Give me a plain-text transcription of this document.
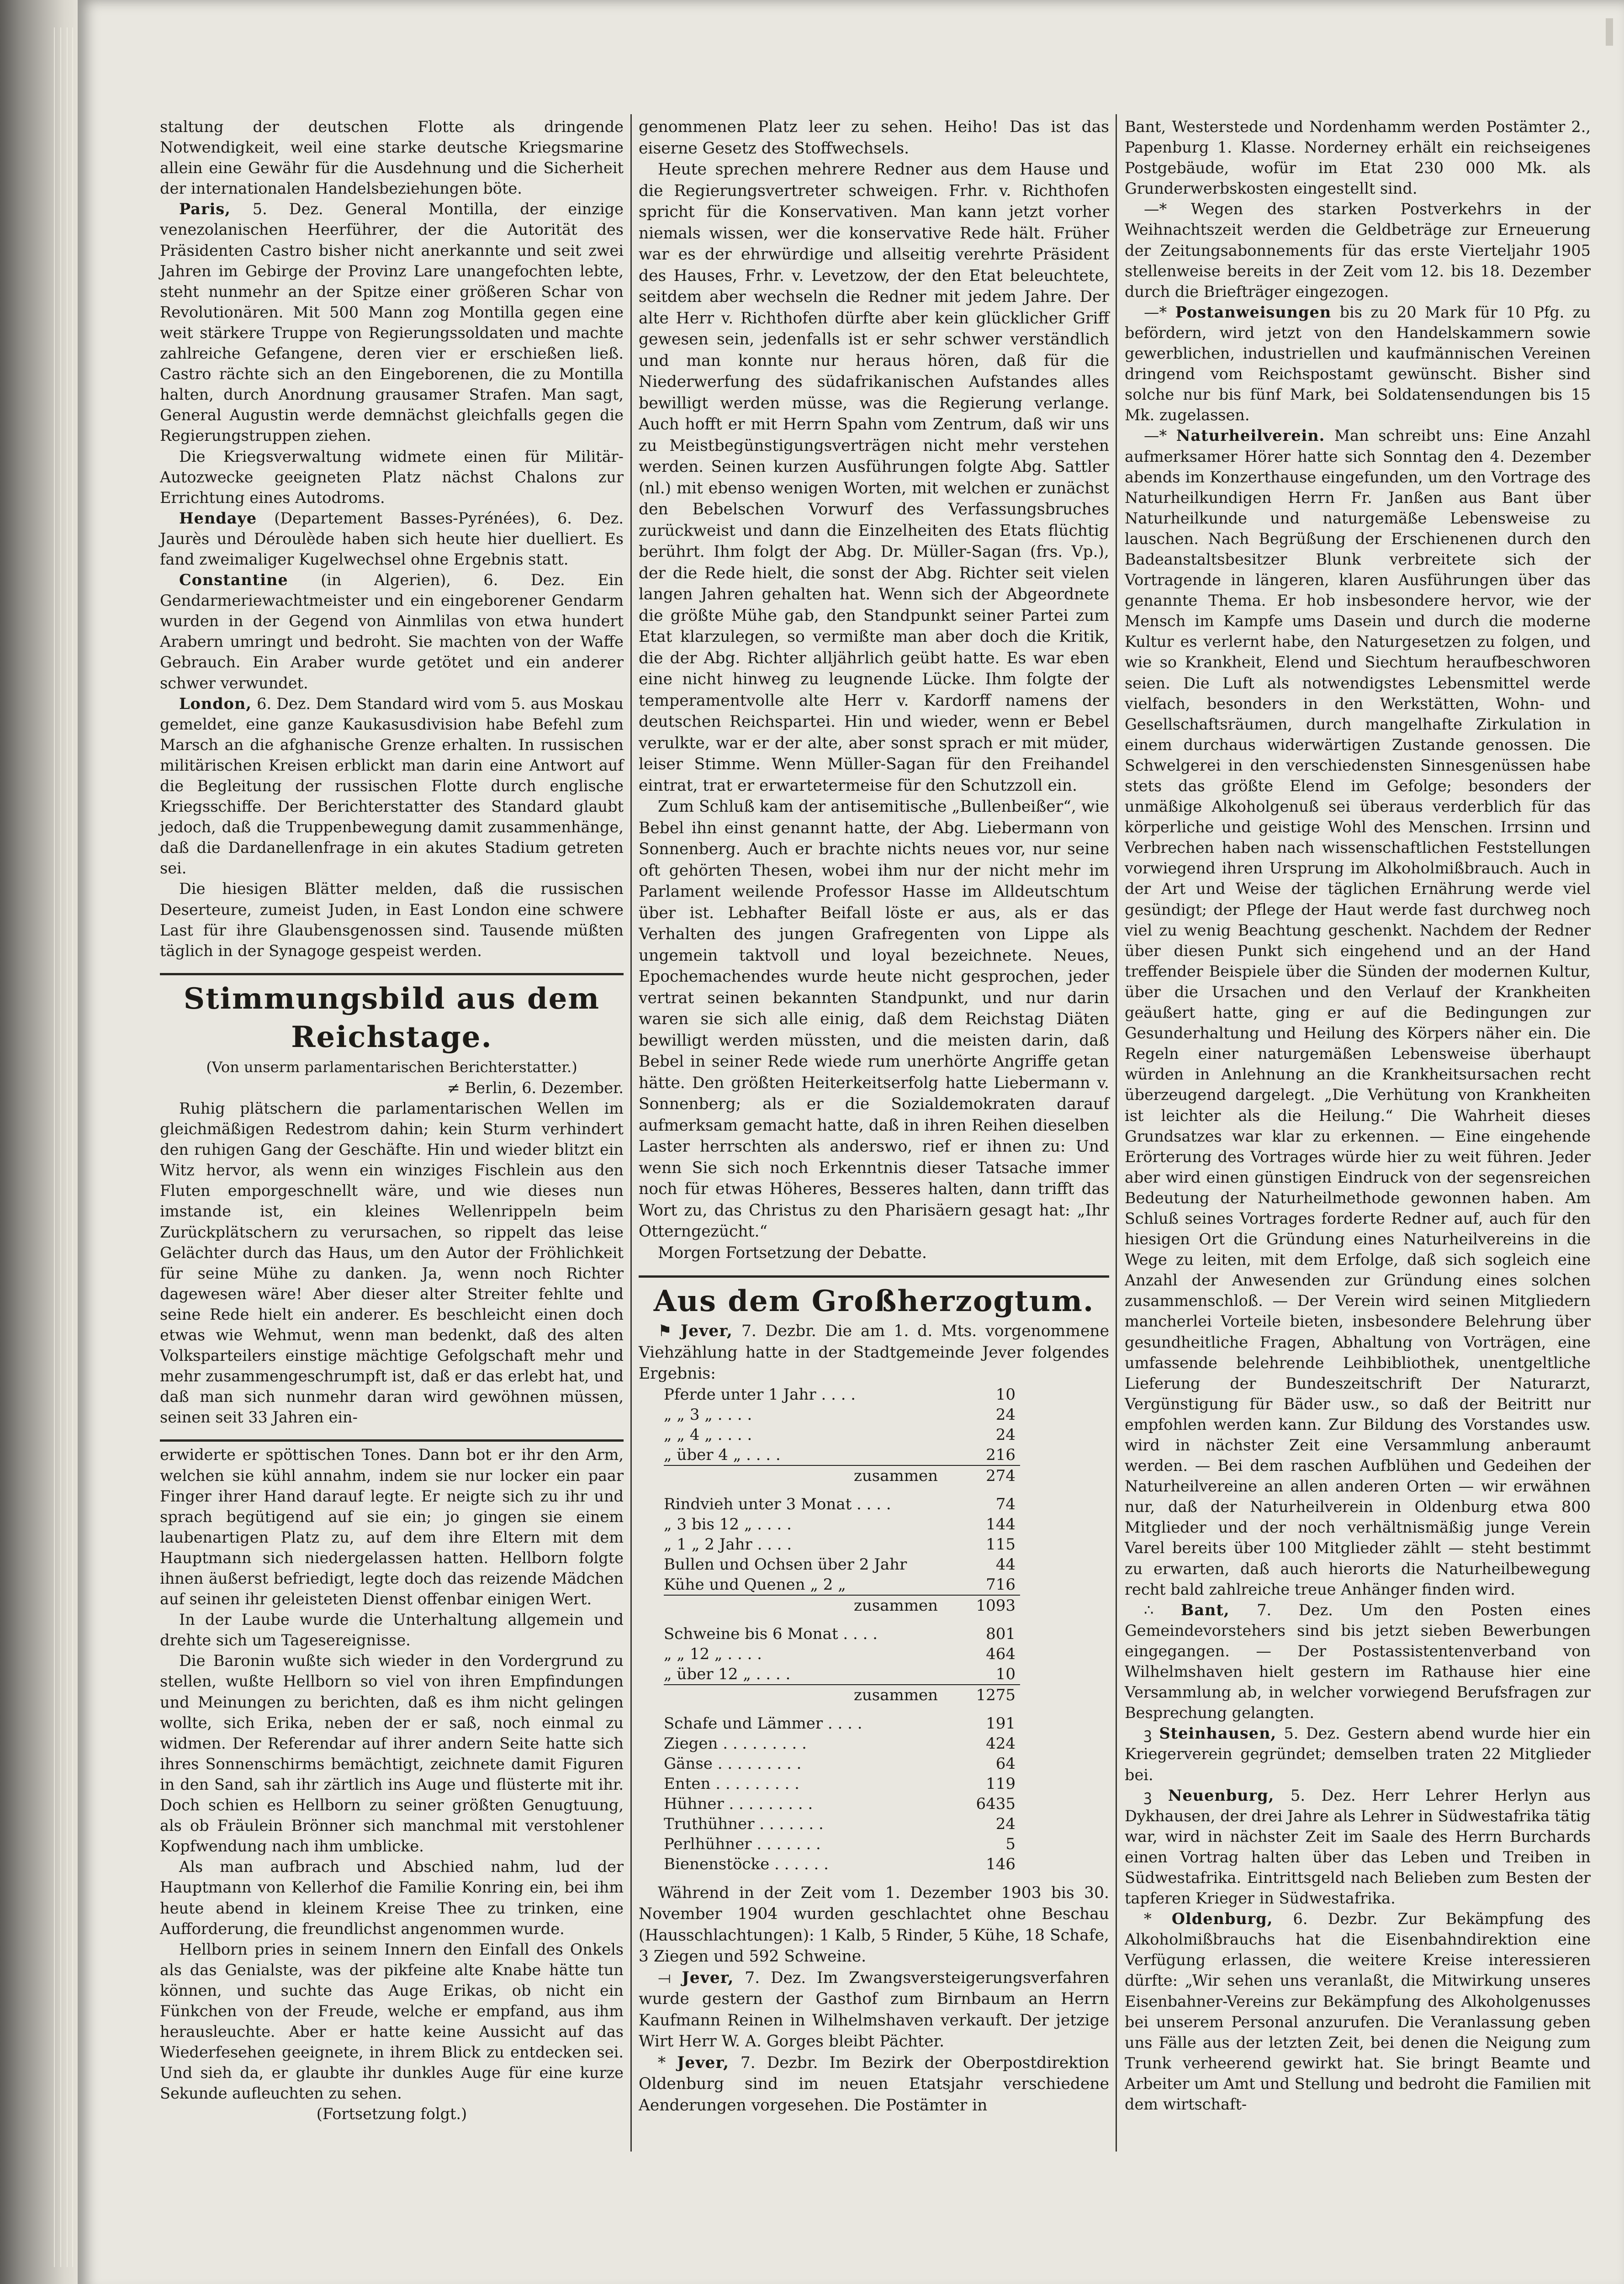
staltung der deutschen Flotte als dringende Notwendigkeit, weil eine starke deutsche Kriegsmarine allein eine Gewähr für die Ausdehnung und die Sicherheit der internationalen Handelsbeziehungen böte.

Paris, 5. Dez. General Montilla, der einzige venezolanischen Heerführer, der die Autorität des Präsidenten Castro bisher nicht anerkannte und seit zwei Jahren im Gebirge der Provinz Lare unangefochten lebte, steht nunmehr an der Spitze einer größeren Schar von Revolutionären. Mit 500 Mann zog Montilla gegen eine weit stärkere Truppe von Regierungssoldaten und machte zahlreiche Gefangene, deren vier er erschießen ließ. Castro rächte sich an den Eingeborenen, die zu Montilla halten, durch Anordnung grausamer Strafen. Man sagt, General Augustin werde demnächst gleichfalls gegen die Regierungstruppen ziehen.

Die Kriegsverwaltung widmete einen für Militär-Autozwecke geeigneten Platz nächst Chalons zur Errichtung eines Autodroms.

Hendaye (Departement Basses-Pyrénées), 6. Dez. Jaurès und Déroulède haben sich heute hier duelliert. Es fand zweimaliger Kugelwechsel ohne Ergebnis statt.

Constantine (in Algerien), 6. Dez. Ein Gendarmeriewachtmeister und ein eingeborener Gendarm wurden in der Gegend von Ainmlilas von etwa hundert Arabern umringt und bedroht. Sie machten von der Waffe Gebrauch. Ein Araber wurde getötet und ein anderer schwer verwundet.

London, 6. Dez. Dem Standard wird vom 5. aus Moskau gemeldet, eine ganze Kaukasusdivision habe Befehl zum Marsch an die afghanische Grenze erhalten. In russischen militärischen Kreisen erblickt man darin eine Antwort auf die Begleitung der russischen Flotte durch englische Kriegsschiffe. Der Berichterstatter des Standard glaubt jedoch, daß die Truppenbewegung damit zusammenhänge, daß die Dardanellenfrage in ein akutes Stadium getreten sei.

Die hiesigen Blätter melden, daß die russischen Deserteure, zumeist Juden, in East London eine schwere Last für ihre Glaubensgenossen sind. Tausende müßten täglich in der Synagoge gespeist werden.

Stimmungsbild aus dem Reichstage.

(Von unserm parlamentarischen Berichterstatter.)

≠ Berlin, 6. Dezember.

Ruhig plätschern die parlamentarischen Wellen im gleichmäßigen Redestrom dahin; kein Sturm verhindert den ruhigen Gang der Geschäfte. Hin und wieder blitzt ein Witz hervor, als wenn ein winziges Fischlein aus den Fluten emporgeschnellt wäre, und wie dieses nun imstande ist, ein kleines Wellenrippeln beim Zurückplätschern zu verursachen, so rippelt das leise Gelächter durch das Haus, um den Autor der Fröhlichkeit für seine Mühe zu danken. Ja, wenn noch Richter dagewesen wäre! Aber dieser alter Streiter fehlte und seine Rede hielt ein anderer. Es beschleicht einen doch etwas wie Wehmut, wenn man bedenkt, daß des alten Volksparteilers einstige mächtige Gefolgschaft mehr und mehr zusammengeschrumpft ist, daß er das erlebt hat, und daß man sich nunmehr daran wird gewöhnen müssen, seinen seit 33 Jahren ein-

erwiderte er spöttischen Tones. Dann bot er ihr den Arm, welchen sie kühl annahm, indem sie nur locker ein paar Finger ihrer Hand darauf legte. Er neigte sich zu ihr und sprach begütigend auf sie ein; jo gingen sie einem laubenartigen Platz zu, auf dem ihre Eltern mit dem Hauptmann sich niedergelassen hatten. Hellborn folgte ihnen äußerst befriedigt, legte doch das reizende Mädchen auf seinen ihr geleisteten Dienst offenbar einigen Wert.

In der Laube wurde die Unterhaltung allgemein und drehte sich um Tagesereignisse.

Die Baronin wußte sich wieder in den Vordergrund zu stellen, wußte Hellborn so viel von ihren Empfindungen und Meinungen zu berichten, daß es ihm nicht gelingen wollte, sich Erika, neben der er saß, noch einmal zu widmen. Der Referendar auf ihrer andern Seite hatte sich ihres Sonnenschirms bemächtigt, zeichnete damit Figuren in den Sand, sah ihr zärtlich ins Auge und flüsterte mit ihr. Doch schien es Hellborn zu seiner größten Genugtuung, als ob Fräulein Brönner sich manchmal mit verstohlener Kopfwendung nach ihm umblicke.

Als man aufbrach und Abschied nahm, lud der Hauptmann von Kellerhof die Familie Konring ein, bei ihm heute abend in kleinem Kreise Thee zu trinken, eine Aufforderung, die freundlichst angenommen wurde.

Hellborn pries in seinem Innern den Einfall des Onkels als das Genialste, was der pikfeine alte Knabe hätte tun können, und suchte das Auge Erikas, ob nicht ein Fünkchen von der Freude, welche er empfand, aus ihm herausleuchte. Aber er hatte keine Aussicht auf das Wiederfesehen geeignete, in ihrem Blick zu entdecken sei. Und sieh da, er glaubte ihr dunkles Auge für eine kurze Sekunde aufleuchten zu sehen.

(Fortsetzung folgt.)

genommenen Platz leer zu sehen. Heiho! Das ist das eiserne Gesetz des Stoffwechsels.

Heute sprechen mehrere Redner aus dem Hause und die Regierungsvertreter schweigen. Frhr. v. Richthofen spricht für die Konservativen. Man kann jetzt vorher niemals wissen, wer die konservative Rede hält. Früher war es der ehrwürdige und allseitig verehrte Präsident des Hauses, Frhr. v. Levetzow, der den Etat beleuchtete, seitdem aber wechseln die Redner mit jedem Jahre. Der alte Herr v. Richthofen dürfte aber kein glücklicher Griff gewesen sein, jedenfalls ist er sehr schwer verständlich und man konnte nur heraus hören, daß für die Niederwerfung des südafrikanischen Aufstandes alles bewilligt werden müsse, was die Regierung verlange. Auch hofft er mit Herrn Spahn vom Zentrum, daß wir uns zu Meistbegünstigungsverträgen nicht mehr verstehen werden. Seinen kurzen Ausführungen folgte Abg. Sattler (nl.) mit ebenso wenigen Worten, mit welchen er zunächst den Bebelschen Vorwurf des Verfassungsbruches zurückweist und dann die Einzelheiten des Etats flüchtig berührt. Ihm folgt der Abg. Dr. Müller-Sagan (frs. Vp.), der die Rede hielt, die sonst der Abg. Richter seit vielen langen Jahren gehalten hat. Wenn sich der Abgeordnete die größte Mühe gab, den Standpunkt seiner Partei zum Etat klarzulegen, so vermißte man aber doch die Kritik, die der Abg. Richter alljährlich geübt hatte. Es war eben eine nicht hinweg zu leugnende Lücke. Ihm folgte der temperamentvolle alte Herr v. Kardorff namens der deutschen Reichspartei. Hin und wieder, wenn er Bebel verulkte, war er der alte, aber sonst sprach er mit müder, leiser Stimme. Wenn Müller-Sagan für den Freihandel eintrat, trat er erwartetermeise für den Schutzzoll ein.

Zum Schluß kam der antisemitische „Bullenbeißer“, wie Bebel ihn einst genannt hatte, der Abg. Liebermann von Sonnenberg. Auch er brachte nichts neues vor, nur seine oft gehörten Thesen, wobei ihm nur der nicht mehr im Parlament weilende Professor Hasse im Alldeutschtum über ist. Lebhafter Beifall löste er aus, als er das Verhalten des jungen Grafregenten von Lippe als ungemein taktvoll und loyal bezeichnete. Neues, Epochemachendes wurde heute nicht gesprochen, jeder vertrat seinen bekannten Standpunkt, und nur darin waren sie sich alle einig, daß dem Reichstag Diäten bewilligt werden müssten, und die meisten darin, daß Bebel in seiner Rede wiede rum unerhörte Angriffe getan hätte. Den größten Heiterkeitserfolg hatte Liebermann v. Sonnenberg; als er die Sozialdemokraten darauf aufmerksam gemacht hatte, daß in ihren Reihen dieselben Laster herrschten als anderswo, rief er ihnen zu: Und wenn Sie sich noch Erkenntnis dieser Tatsache immer noch für etwas Höheres, Besseres halten, dann trifft das Wort zu, das Christus zu den Pharisäern gesagt hat: „Ihr Otterngezücht.“

Morgen Fortsetzung der Debatte.

Aus dem Großherzogtum.

⚑ Jever, 7. Dezbr. Die am 1. d. Mts. vorgenommene Viehzählung hatte in der Stadtgemeinde Jever folgendes Ergebnis:

Pferde unter 1 Jahr . . . .	10
„ „ 3 „ . . . .	24
„ „ 4 „ . . . .	24
„ über 4 „ . . . .	216
zusammen	274

Rindvieh unter 3 Monat . . . .	74
„ 3 bis 12 „ . . . .	144
„ 1 „ 2 Jahr . . . .	115
Bullen und Ochsen über 2 Jahr	44
Kühe und Quenen „ 2 „	716
zusammen	1093

Schweine bis 6 Monat . . . .	801
„ „ 12 „ . . . .	464
„ über 12 „ . . . .	10
zusammen	1275

Schafe und Lämmer . . . .	191
Ziegen . . . . . . . . .	424
Gänse . . . . . . . . .	64
Enten . . . . . . . . .	119
Hühner . . . . . . . . .	6435
Truthühner . . . . . . .	24
Perlhühner . . . . . . .	5
Bienenstöcke . . . . . .	146

Während in der Zeit vom 1. Dezember 1903 bis 30. November 1904 wurden geschlachtet ohne Beschau (Hausschlachtungen): 1 Kalb, 5 Rinder, 5 Kühe, 18 Schafe, 3 Ziegen und 592 Schweine.

⟞ Jever, 7. Dez. Im Zwangsversteigerungsverfahren wurde gestern der Gasthof zum Birnbaum an Herrn Kaufmann Reinen in Wilhelmshaven verkauft. Der jetzige Wirt Herr W. A. Gorges bleibt Pächter.

* Jever, 7. Dezbr. Im Bezirk der Oberpostdirektion Oldenburg sind im neuen Etatsjahr verschiedene Aenderungen vorgesehen. Die Postämter in

Bant, Westerstede und Nordenhamm werden Postämter 2., Papenburg 1. Klasse. Norderney erhält ein reichseigenes Postgebäude, wofür im Etat 230 000 Mk. als Grunderwerbskosten eingestellt sind.

—* Wegen des starken Postverkehrs in der Weihnachtszeit werden die Geldbeträge zur Erneuerung der Zeitungsabonnements für das erste Vierteljahr 1905 stellenweise bereits in der Zeit vom 12. bis 18. Dezember durch die Briefträger eingezogen.

—* Postanweisungen bis zu 20 Mark für 10 Pfg. zu befördern, wird jetzt von den Handelskammern sowie gewerblichen, industriellen und kaufmännischen Vereinen dringend vom Reichspostamt gewünscht. Bisher sind solche nur bis fünf Mark, bei Soldatensendungen bis 15 Mk. zugelassen.

—* Naturheilverein. Man schreibt uns: Eine Anzahl aufmerksamer Hörer hatte sich Sonntag den 4. Dezember abends im Konzerthause eingefunden, um den Vortrage des Naturheilkundigen Herrn Fr. Janßen aus Bant über Naturheilkunde und naturgemäße Lebensweise zu lauschen. Nach Begrüßung der Erschienenen durch den Badeanstaltsbesitzer Blunk verbreitete sich der Vortragende in längeren, klaren Ausführungen über das genannte Thema. Er hob insbesondere hervor, wie der Mensch im Kampfe ums Dasein und durch die moderne Kultur es verlernt habe, den Naturgesetzen zu folgen, und wie so Krankheit, Elend und Siechtum heraufbeschworen seien. Die Luft als notwendigstes Lebensmittel werde vielfach, besonders in den Werkstätten, Wohn- und Gesellschaftsräumen, durch mangelhafte Zirkulation in einem durchaus widerwärtigen Zustande genossen. Die Schwelgerei in den verschiedensten Sinnesgenüssen habe stets das größte Elend im Gefolge; besonders der unmäßige Alkoholgenuß sei überaus verderblich für das körperliche und geistige Wohl des Menschen. Irrsinn und Verbrechen haben nach wissenschaftlichen Feststellungen vorwiegend ihren Ursprung im Alkoholmißbrauch. Auch in der Art und Weise der täglichen Ernährung werde viel gesündigt; der Pflege der Haut werde fast durchweg noch viel zu wenig Beachtung geschenkt. Nachdem der Redner über diesen Punkt sich eingehend und an der Hand treffender Beispiele über die Sünden der modernen Kultur, über die Ursachen und den Verlauf der Krankheiten geäußert hatte, ging er auf die Bedingungen zur Gesunderhaltung und Heilung des Körpers näher ein. Die Regeln einer naturgemäßen Lebensweise überhaupt würden in Anlehnung an die Krankheitsursachen recht überzeugend dargelegt. „Die Verhütung von Krankheiten ist leichter als die Heilung.“ Die Wahrheit dieses Grundsatzes war klar zu erkennen. — Eine eingehende Erörterung des Vortrages würde hier zu weit führen. Jeder aber wird einen günstigen Eindruck von der segensreichen Bedeutung der Naturheilmethode gewonnen haben. Am Schluß seines Vortrages forderte Redner auf, auch für den hiesigen Ort die Gründung eines Naturheilvereins in die Wege zu leiten, mit dem Erfolge, daß sich sogleich eine Anzahl der Anwesenden zur Gründung eines solchen zusammenschloß. — Der Verein wird seinen Mitgliedern mancherlei Vorteile bieten, insbesondere Belehrung über gesundheitliche Fragen, Abhaltung von Vorträgen, eine umfassende belehrende Leihbibliothek, unentgeltliche Lieferung der Bundeszeitschrift Der Naturarzt, Vergünstigung für Bäder usw., so daß der Beitritt nur empfohlen werden kann. Zur Bildung des Vorstandes usw. wird in nächster Zeit eine Versammlung anberaumt werden. — Bei dem raschen Aufblühen und Gedeihen der Naturheilvereine an allen anderen Orten — wir erwähnen nur, daß der Naturheilverein in Oldenburg etwa 800 Mitglieder und der noch verhältnismäßig junge Verein Varel bereits über 100 Mitglieder zählt — steht bestimmt zu erwarten, daß auch hierorts die Naturheilbewegung recht bald zahlreiche treue Anhänger finden wird.

∴ Bant, 7. Dez. Um den Posten eines Gemeindevorstehers sind bis jetzt sieben Bewerbungen eingegangen. — Der Postassistentenverband von Wilhelmshaven hielt gestern im Rathause hier eine Versammlung ab, in welcher vorwiegend Berufsfragen zur Besprechung gelangten.

ꝫ Steinhausen, 5. Dez. Gestern abend wurde hier ein Kriegerverein gegründet; demselben traten 22 Mitglieder bei.

ꝫ Neuenburg, 5. Dez. Herr Lehrer Herlyn aus Dykhausen, der drei Jahre als Lehrer in Südwestafrika tätig war, wird in nächster Zeit im Saale des Herrn Burchards einen Vortrag halten über das Leben und Treiben in Südwestafrika. Eintrittsgeld nach Belieben zum Besten der tapferen Krieger in Südwestafrika.

* Oldenburg, 6. Dezbr. Zur Bekämpfung des Alkoholmißbrauchs hat die Eisenbahndirektion eine Verfügung erlassen, die weitere Kreise interessieren dürfte: „Wir sehen uns veranlaßt, die Mitwirkung unseres Eisenbahner-Vereins zur Bekämpfung des Alkoholgenusses bei unserem Personal anzurufen. Die Veranlassung geben uns Fälle aus der letzten Zeit, bei denen die Neigung zum Trunk verheerend gewirkt hat. Sie bringt Beamte und Arbeiter um Amt und Stellung und bedroht die Familien mit dem wirtschaft-
